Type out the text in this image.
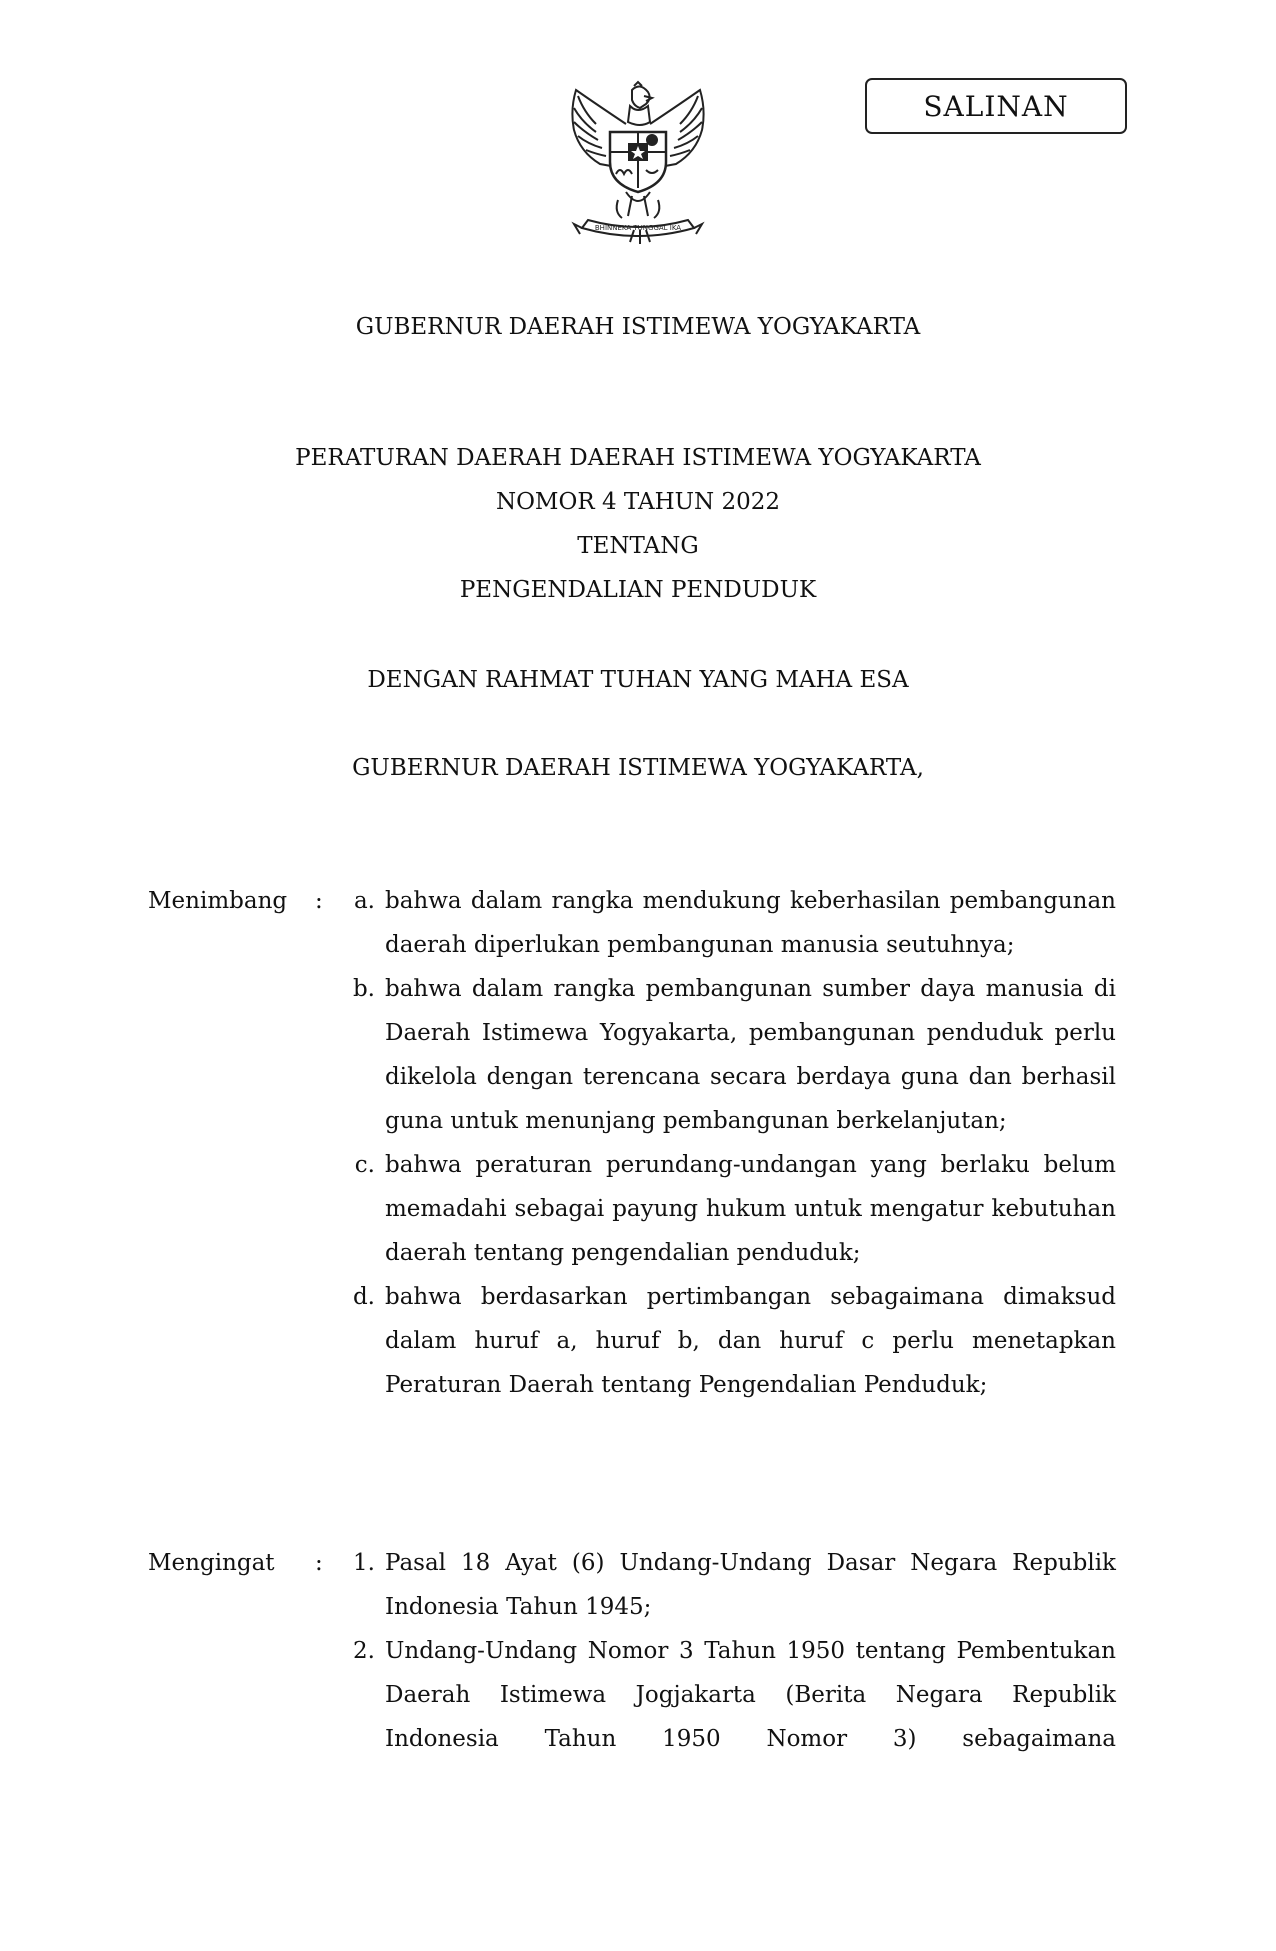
SALINAN
BHINNEKA TUNGGAL IKA
GUBERNUR DAERAH ISTIMEWA YOGYAKARTA
PERATURAN DAERAH DAERAH ISTIMEWA YOGYAKARTA
NOMOR 4 TAHUN 2022
TENTANG
PENGENDALIAN PENDUDUK
DENGAN RAHMAT TUHAN YANG MAHA ESA
GUBERNUR DAERAH ISTIMEWA YOGYAKARTA,
Menimbang :	a. bahwa dalam rangka mendukung keberhasilan pembangunan daerah diperlukan pembangunan manusia seutuhnya;
b. bahwa dalam rangka pembangunan sumber daya manusia di Daerah Istimewa Yogyakarta, pembangunan penduduk perlu dikelola dengan terencana secara berdaya guna dan berhasil guna untuk menunjang pembangunan berkelanjutan;
c. bahwa peraturan perundang-undangan yang berlaku belum memadahi sebagai payung hukum untuk mengatur kebutuhan daerah tentang pengendalian penduduk;
d. bahwa berdasarkan pertimbangan sebagaimana dimaksud dalam huruf a, huruf b, dan huruf c perlu menetapkan Peraturan Daerah tentang Pengendalian Penduduk;
Mengingat :	1. Pasal 18 Ayat (6) Undang-Undang Dasar Negara Republik Indonesia Tahun 1945;
2. Undang-Undang Nomor 3 Tahun 1950 tentang Pembentukan Daerah Istimewa Jogjakarta (Berita Negara Republik Indonesia Tahun 1950 Nomor 3) sebagaimana
